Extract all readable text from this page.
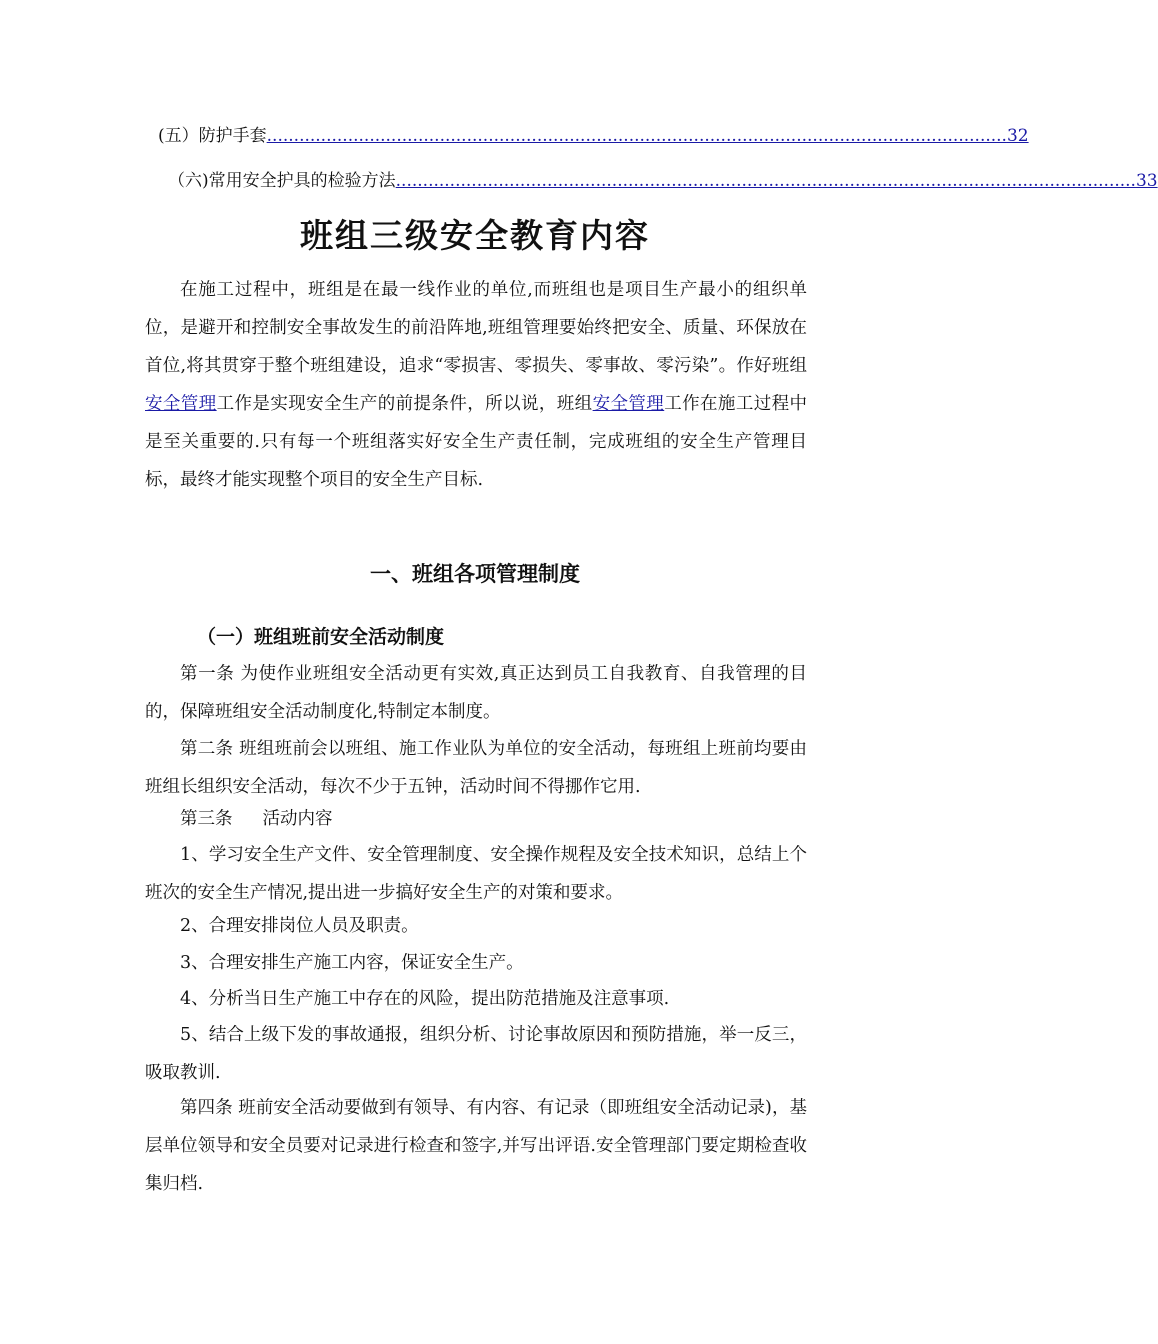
(五）防护手套 ......................................................................................................................................... 32
（六)常用安全护具的检验方法 ......................................................................................................................................... 33
班组三级安全教育内容

在施工过程中，班组是在最一线作业的单位,而班组也是项目生产最小的组织单位，是避开和控制安全事故发生的前沿阵地,班组管理要始终把安全、质量、环保放在首位,将其贯穿于整个班组建设，追求“零损害、零损失、零事故、零污染”。作好班组安全管理工作是实现安全生产的前提条件，所以说，班组安全管理工作在施工过程中是至关重要的.只有每一个班组落实好安全生产责任制，完成班组的安全生产管理目标，最终才能实现整个项目的安全生产目标.

一、班组各项管理制度
（一）班组班前安全活动制度

第一条 为使作业班组安全活动更有实效,真正达到员工自我教育、自我管理的目的，保障班组安全活动制度化,特制定本制度。

第二条 班组班前会以班组、施工作业队为单位的安全活动，每班组上班前均要由班组长组织安全活动，每次不少于五钟，活动时间不得挪作它用.

第三条 活动内容

1、学习安全生产文件、安全管理制度、安全操作规程及安全技术知识，总结上个班次的安全生产情况,提出进一步搞好安全生产的对策和要求。

2、合理安排岗位人员及职责。

3、合理安排生产施工内容，保证安全生产。

4、分析当日生产施工中存在的风险，提出防范措施及注意事项.

5、结合上级下发的事故通报，组织分析、讨论事故原因和预防措施，举一反三，吸取教训.

第四条 班前安全活动要做到有领导、有内容、有记录（即班组安全活动记录)，基层单位领导和安全员要对记录进行检查和签字,并写出评语.安全管理部门要定期检查收集归档.
